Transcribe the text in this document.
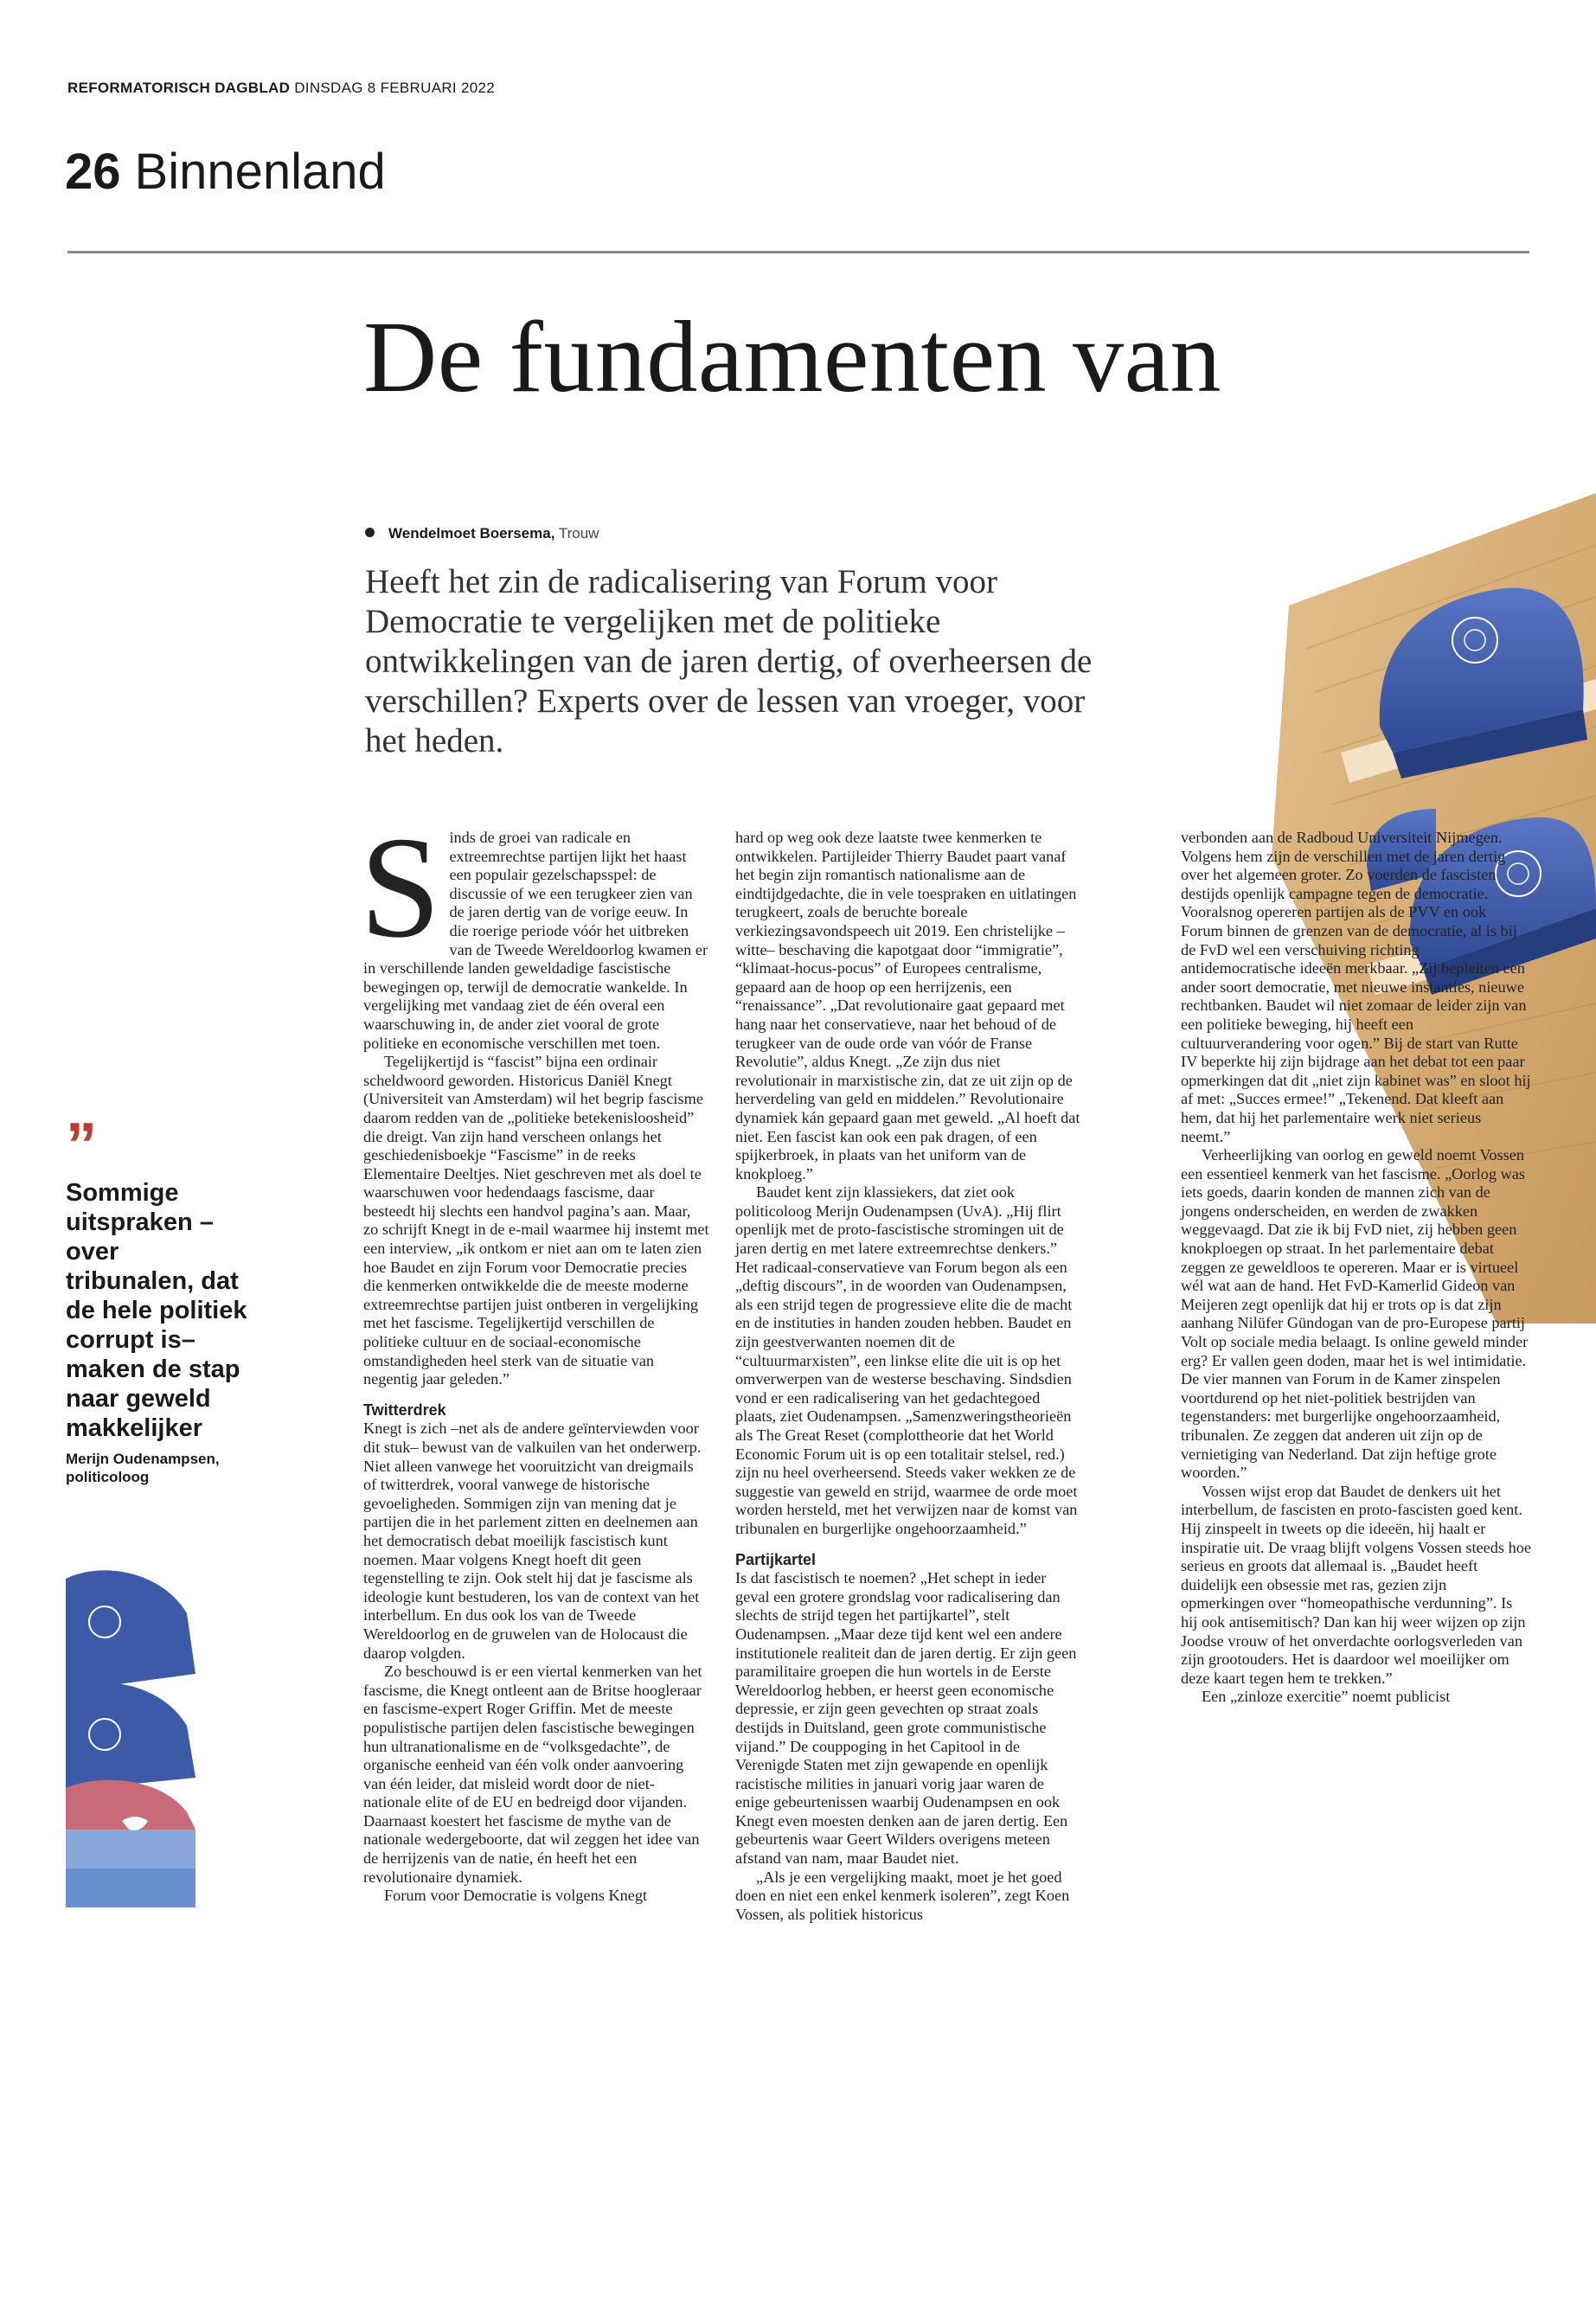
REFORMATORISCH DAGBLAD DINSDAG 8 FEBRUARI 2022
26 Binnenland
De fundamenten van
Wendelmoet Boersema, Trouw
Heeft het zin de radicalisering van Forum voor Democratie te vergelijken met de politieke ontwikkelingen van de jaren dertig, of overheersen de verschillen? Experts over de lessen van vroeger, voor het heden.

Sinds de groei van radicale en extreemrechtse partijen lijkt het haast een populair gezelschapsspel: de discussie of we een terugkeer zien van de jaren dertig van de vorige eeuw. In die roerige periode vóór het uitbreken van de Tweede Wereldoorlog kwamen er in verschillende landen geweldadige fascistische bewegingen op, terwijl de democratie wankelde. In vergelijking met vandaag ziet de één overal een waarschuwing in, de ander ziet vooral de grote politieke en economische verschillen met toen.

Tegelijkertijd is “fascist” bijna een ordinair scheldwoord geworden. Historicus Daniël Knegt (Universiteit van Amsterdam) wil het begrip fascisme daarom redden van de „politieke betekenisloosheid” die dreigt. Van zijn hand verscheen onlangs het geschiedenisboekje “Fascisme” in de reeks Elementaire Deeltjes. Niet geschreven met als doel te waarschuwen voor hedendaags fascisme, daar besteedt hij slechts een handvol pagina’s aan. Maar, zo schrijft Knegt in de e-mail waarmee hij instemt met een interview, „ik ontkom er niet aan om te laten zien hoe Baudet en zijn Forum voor Democratie precies die kenmerken ontwikkelde die de meeste moderne extreemrechtse partijen juist ontberen in vergelijking met het fascisme. Tegelijkertijd verschillen de politieke cultuur en de sociaal-economische omstandigheden heel sterk van de situatie van negentig jaar geleden.”

Twitterdrek

Knegt is zich –net als de andere geïnterviewden voor dit stuk– bewust van de valkuilen van het onderwerp. Niet alleen vanwege het vooruitzicht van dreigmails of twitterdrek, vooral vanwege de historische gevoeligheden. Sommigen zijn van mening dat je partijen die in het parlement zitten en deelnemen aan het democratisch debat moeilijk fascistisch kunt noemen. Maar volgens Knegt hoeft dit geen tegenstelling te zijn. Ook stelt hij dat je fascisme als ideologie kunt bestuderen, los van de context van het interbellum. En dus ook los van de Tweede Wereldoorlog en de gruwelen van de Holocaust die daarop volgden.

Zo beschouwd is er een viertal kenmerken van het fascisme, die Knegt ontleent aan de Britse hoogleraar en fascisme-expert Roger Griffin. Met de meeste populistische partijen delen fascistische bewegingen hun ultranationalisme en de “volksgedachte”, de organische eenheid van één volk onder aanvoering van één leider, dat misleid wordt door de niet-nationale elite of de EU en bedreigd door vijanden. Daarnaast koestert het fascisme de mythe van de nationale wedergeboorte, dat wil zeggen het idee van de herrijzenis van de natie, én heeft het een revolutionaire dynamiek.

Forum voor Democratie is volgens Knegt

hard op weg ook deze laatste twee kenmerken te ontwikkelen. Partijleider Thierry Baudet paart vanaf het begin zijn romantisch nationalisme aan de eindtijdgedachte, die in vele toespraken en uitlatingen terugkeert, zoals de beruchte boreale verkiezingsavondspeech uit 2019. Een christelijke –witte– beschaving die kapotgaat door “immigratie”, “klimaat-hocus-pocus” of Europees centralisme, gepaard aan de hoop op een herrijzenis, een “renaissance”. „Dat revolutionaire gaat gepaard met hang naar het conservatieve, naar het behoud of de terugkeer van de oude orde van vóór de Franse Revolutie”, aldus Knegt. „Ze zijn dus niet revolutionair in marxistische zin, dat ze uit zijn op de herverdeling van geld en middelen.” Revolutionaire dynamiek kán gepaard gaan met geweld. „Al hoeft dat niet. Een fascist kan ook een pak dragen, of een spijkerbroek, in plaats van het uniform van de knokploeg.”

Baudet kent zijn klassiekers, dat ziet ook politicoloog Merijn Oudenampsen (UvA). „Hij flirt openlijk met de proto-fascistische stromingen uit de jaren dertig en met latere extreemrechtse denkers.” Het radicaal-conservatieve van Forum begon als een „deftig discours”, in de woorden van Oudenampsen, als een strijd tegen de progressieve elite die de macht en de instituties in handen zouden hebben. Baudet en zijn geestverwanten noemen dit de “cultuurmarxisten”, een linkse elite die uit is op het omverwerpen van de westerse beschaving. Sindsdien vond er een radicalisering van het gedachtegoed plaats, ziet Oudenampsen. „Samenzweringstheorieën als The Great Reset (complottheorie dat het World Economic Forum uit is op een totalitair stelsel, red.) zijn nu heel overheersend. Steeds vaker wekken ze de suggestie van geweld en strijd, waarmee de orde moet worden hersteld, met het verwijzen naar de komst van tribunalen en burgerlijke ongehoorzaamheid.”

Partijkartel

Is dat fascistisch te noemen? „Het schept in ieder geval een grotere grondslag voor radicalisering dan slechts de strijd tegen het partijkartel”, stelt Oudenampsen. „Maar deze tijd kent wel een andere institutionele realiteit dan de jaren dertig. Er zijn geen paramilitaire groepen die hun wortels in de Eerste Wereldoorlog hebben, er heerst geen economische depressie, er zijn geen gevechten op straat zoals destijds in Duitsland, geen grote communistische vijand.” De couppoging in het Capitool in de Verenigde Staten met zijn gewapende en openlijk racistische milities in januari vorig jaar waren de enige gebeurtenissen waarbij Oudenampsen en ook Knegt even moesten denken aan de jaren dertig. Een gebeurtenis waar Geert Wilders overigens meteen afstand van nam, maar Baudet niet.

„Als je een vergelijking maakt, moet je het goed doen en niet een enkel kenmerk isoleren”, zegt Koen Vossen, als politiek historicus

verbonden aan de Radboud Universiteit Nijmegen. Volgens hem zijn de verschillen met de jaren dertig over het algemeen groter. Zo voerden de fascisten destijds openlijk campagne tegen de democratie. Vooralsnog opereren partijen als de PVV en ook Forum binnen de grenzen van de democratie, al is bij de FvD wel een verschuiving richting antidemocratische ideeën merkbaar. „Zij bepleiten een ander soort democratie, met nieuwe instanties, nieuwe rechtbanken. Baudet wil niet zomaar de leider zijn van een politieke beweging, hij heeft een cultuurverandering voor ogen.” Bij de start van Rutte IV beperkte hij zijn bijdrage aan het debat tot een paar opmerkingen dat dit „niet zijn kabinet was” en sloot hij af met: „Succes ermee!” „Tekenend. Dat kleeft aan hem, dat hij het parlementaire werk niet serieus neemt.”

Verheerlijking van oorlog en geweld noemt Vossen een essentieel kenmerk van het fascisme. „Oorlog was iets goeds, daarin konden de mannen zich van de jongens onderscheiden, en werden de zwakken weggevaagd. Dat zie ik bij FvD niet, zij hebben geen knokploegen op straat. In het parlementaire debat zeggen ze geweldloos te opereren. Maar er is virtueel wél wat aan de hand. Het FvD-Kamerlid Gideon van Meijeren zegt openlijk dat hij er trots op is dat zijn aanhang Nilüfer Gündogan van de pro-Europese partij Volt op sociale media belaagt. Is online geweld minder erg? Er vallen geen doden, maar het is wel intimidatie. De vier mannen van Forum in de Kamer zinspelen voortdurend op het niet-politiek bestrijden van tegenstanders: met burgerlijke ongehoorzaamheid, tribunalen. Ze zeggen dat anderen uit zijn op de vernietiging van Nederland. Dat zijn heftige grote woorden.”

Vossen wijst erop dat Baudet de denkers uit het interbellum, de fascisten en proto-fascisten goed kent. Hij zinspeelt in tweets op die ideeën, hij haalt er inspiratie uit. De vraag blijft volgens Vossen steeds hoe serieus en groots dat allemaal is. „Baudet heeft duidelijk een obsessie met ras, gezien zijn opmerkingen over “homeopathische verdunning”. Is hij ook antisemitisch? Dan kan hij weer wijzen op zijn Joodse vrouw of het onverdachte oorlogsverleden van zijn grootouders. Het is daardoor wel moeilijker om deze kaart tegen hem te trekken.”

Een „zinloze exercitie” noemt publicist

”
Sommige uitspraken –over tribunalen, dat de hele politiek corrupt is– maken de stap naar geweld makkelijker
Merijn Oudenampsen, politicoloog
